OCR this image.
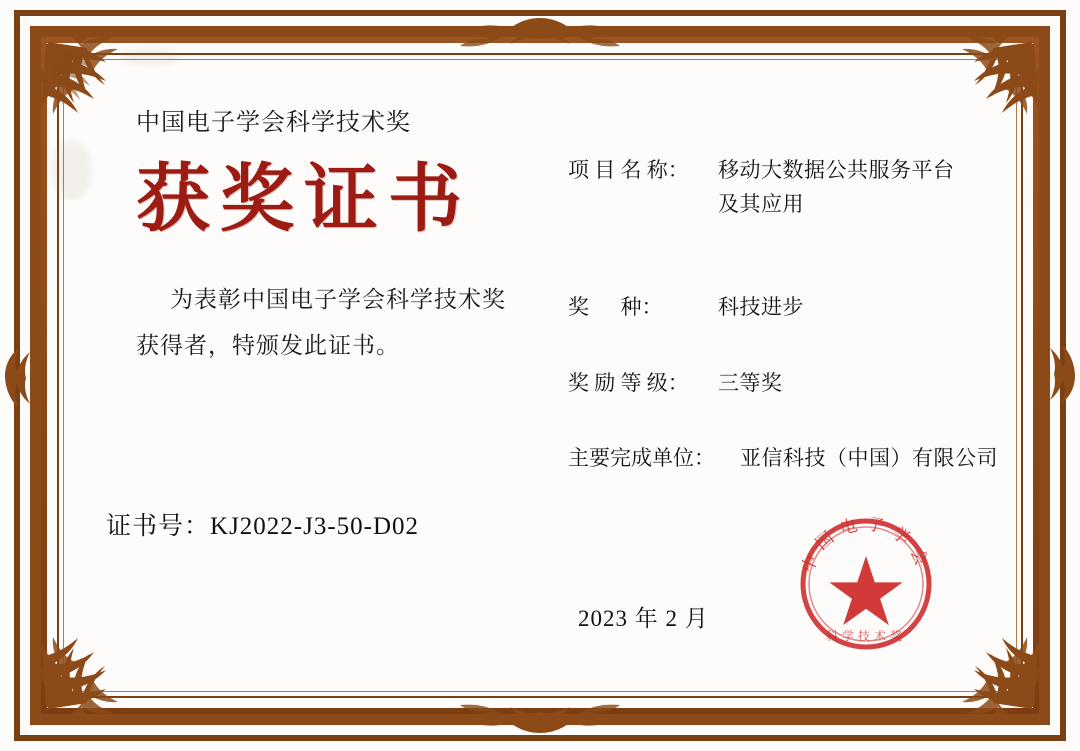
中国电子学会科学技术奖
获奖证书
为表彰中国电子学会科学技术奖
获得者，特颁发此证书。
证书号：KJ2022-J3-50-D02
项 目 名 称：	移动大数据公共服务平台
及其应用
奖 　 种：	科技进步
奖 励 等 级：	三等奖
主要完成单位：	亚信科技（中国）有限公司
2023 年 2 月
中国电子学会
科学技术奖
